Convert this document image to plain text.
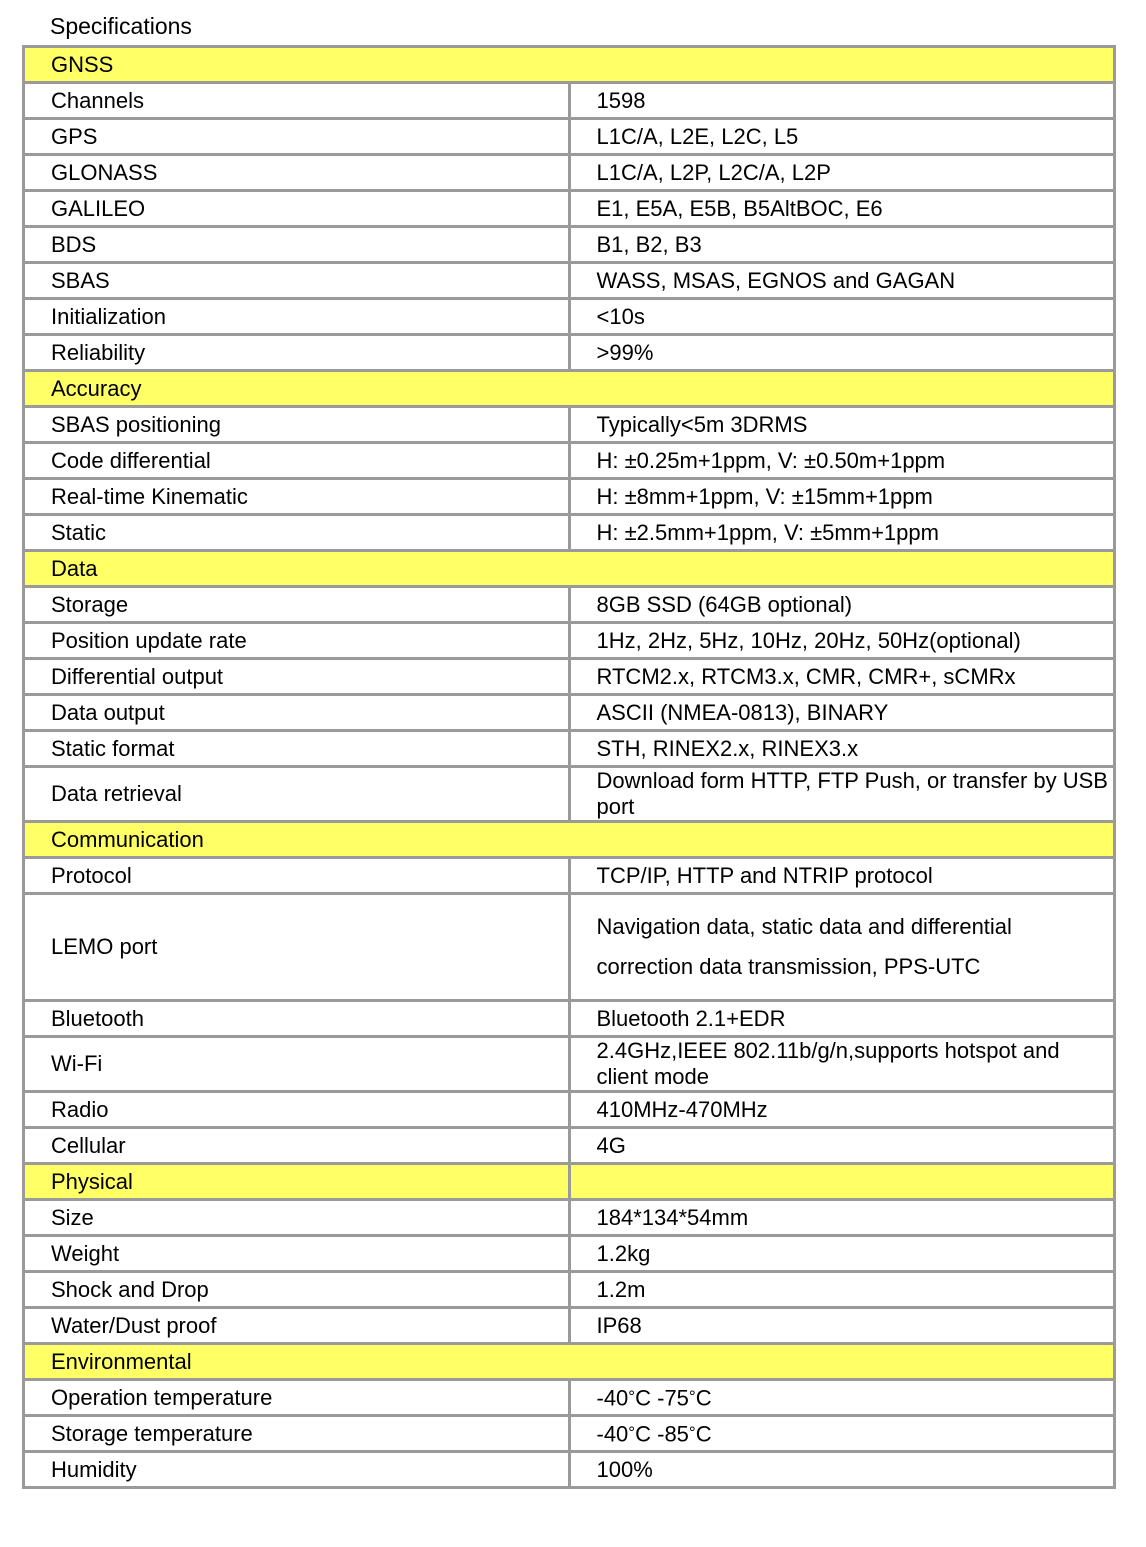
Specifications
GNSS	
Channels	1598
GPS	L1C/A, L2E, L2C, L5
GLONASS	L1C/A, L2P, L2C/A, L2P
GALILEO	E1, E5A, E5B, B5AltBOC, E6
BDS	B1, B2, B3
SBAS	WASS, MSAS, EGNOS and GAGAN
Initialization	<10s
Reliability	>99%
Accuracy	
SBAS positioning	Typically<5m 3DRMS
Code differential	H: ±0.25m+1ppm, V: ±0.50m+1ppm
Real-time Kinematic	H: ±8mm+1ppm, V: ±15mm+1ppm
Static	H: ±2.5mm+1ppm, V: ±5mm+1ppm
Data	
Storage	8GB SSD (64GB optional)
Position update rate	1Hz, 2Hz, 5Hz, 10Hz, 20Hz, 50Hz(optional)
Differential output	RTCM2.x, RTCM3.x, CMR, CMR+, sCMRx
Data output	ASCII (NMEA-0813), BINARY
Static format	STH, RINEX2.x, RINEX3.x
Data retrieval	Download form HTTP, FTP Push, or transfer by USB port
Communication	
Protocol	TCP/IP, HTTP and NTRIP protocol
LEMO port	Navigation data, static data and differential correction data transmission, PPS-UTC
Bluetooth	Bluetooth 2.1+EDR
Wi-Fi	2.4GHz,IEEE 802.11b/g/n,supports hotspot and client mode
Radio	410MHz-470MHz
Cellular	4G
Physical	
Size	184*134*54mm
Weight	1.2kg
Shock and Drop	1.2m
Water/Dust proof	IP68
Environmental	
Operation temperature	-40°C -75°C
Storage temperature	-40°C -85°C
Humidity	100%
